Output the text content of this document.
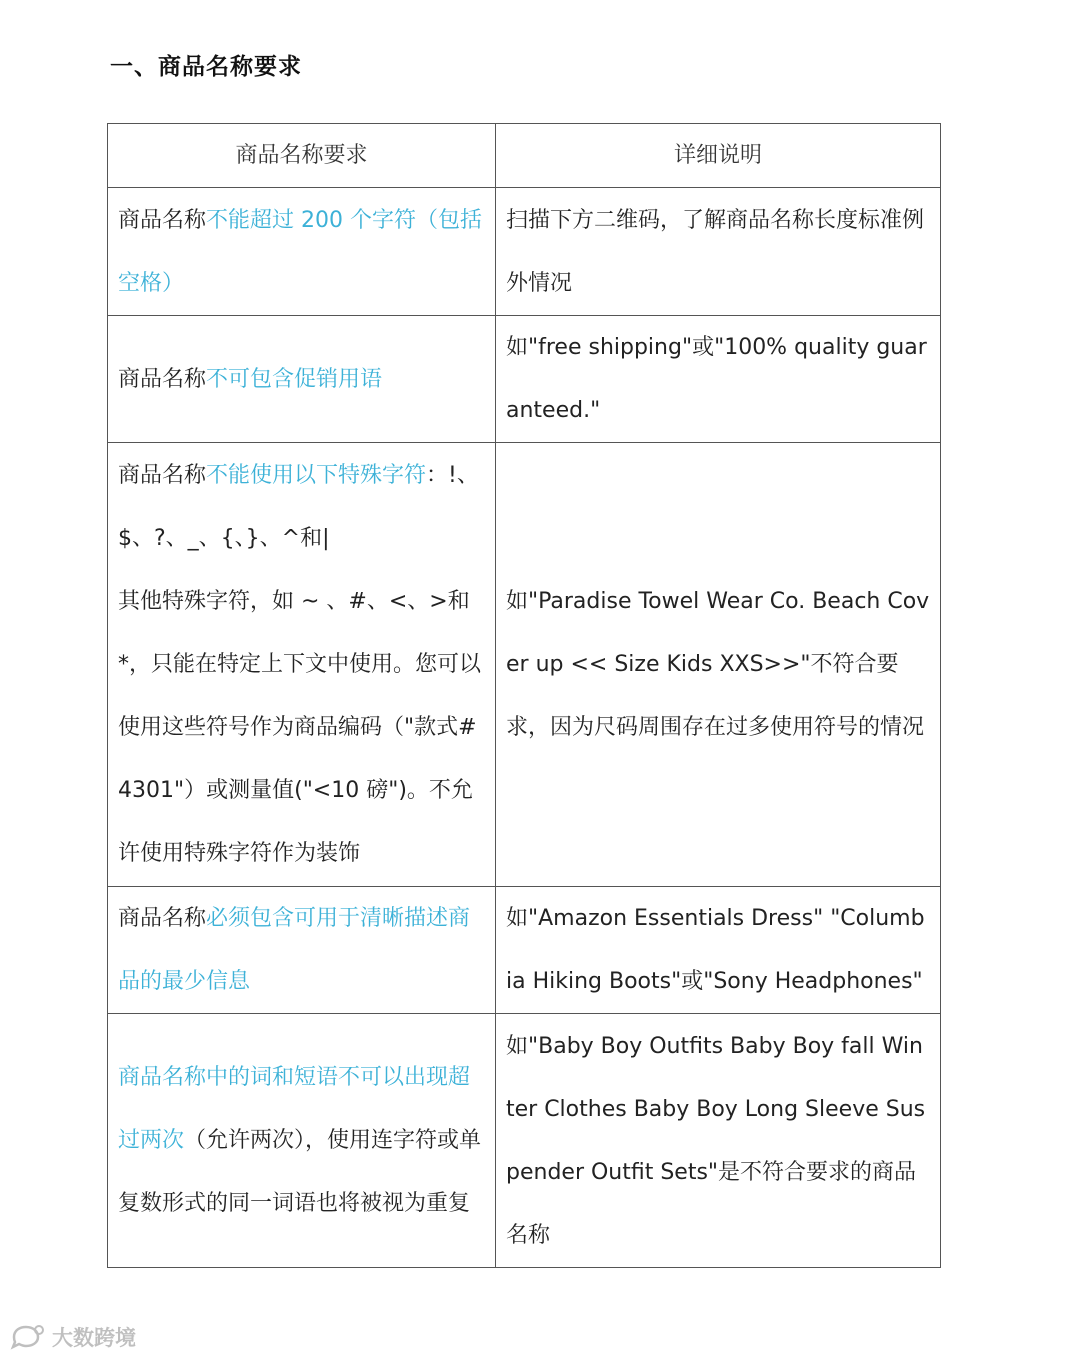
一、商品名称要求
商品名称要求	详细说明
商品名称不能超过 200 个字符（包括空格）	扫描下方二维码，了解商品名称长度标准例外情况
商品名称不可包含促销用语	如"free shipping"或"100% quality guaranteed."
商品名称不能使用以下特殊字符：!、$、?、_、{、}、^和|
其他特殊字符，如 ~ 、#、<、>和*，只能在特定上下文中使用。您可以使用这些符号作为商品编码（"款式#4301"）或测量值("<10 磅")。不允许使用特殊字符作为装饰	如"Paradise Towel Wear Co. Beach Cover up << Size Kids XXS>>"不符合要求，因为尺码周围存在过多使用符号的情况
商品名称必须包含可用于清晰描述商品的最少信息	如"Amazon Essentials Dress" "Columbia Hiking Boots"或"Sony Headphones"
商品名称中的词和短语不可以出现超过两次（允许两次），使用连字符或单复数形式的同一词语也将被视为重复	如"Baby Boy Outfits Baby Boy fall Winter Clothes Baby Boy Long Sleeve Suspender Outfit Sets"是不符合要求的商品名称
大数跨境
